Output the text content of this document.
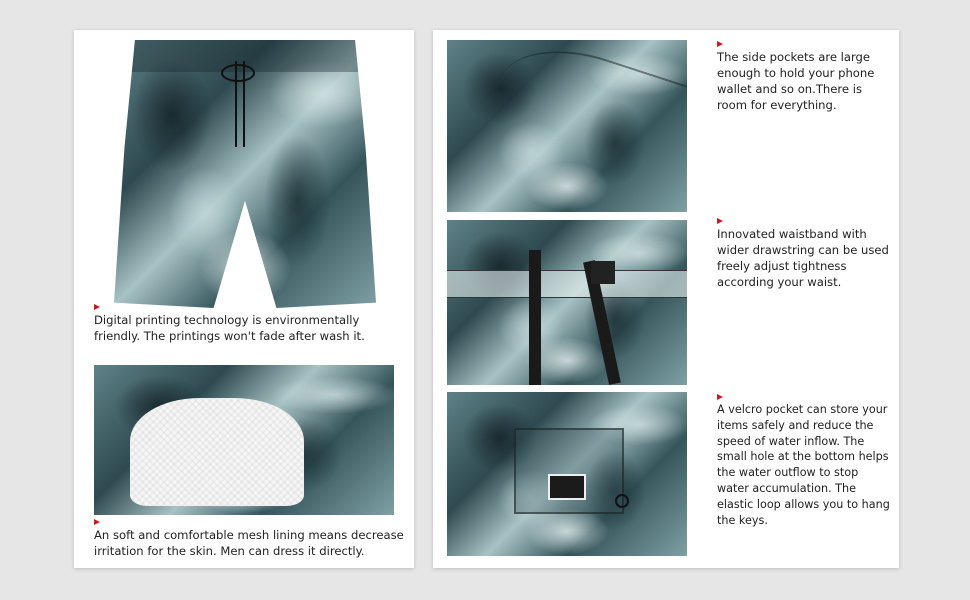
Digital printing technology is environmentally friendly. The printings won't fade after wash it.
An soft and comfortable mesh lining means decrease irritation for the skin. Men can dress it directly.
The side pockets are large enough to hold your phone wallet and so on.There is room for everything.
Innovated waistband with wider drawstring can be used freely adjust tightness according your waist.
A velcro pocket can store your items safely and reduce the speed of water inflow. The small hole at the bottom helps the water outflow to stop water accumulation. The elastic loop allows you to hang the keys.
